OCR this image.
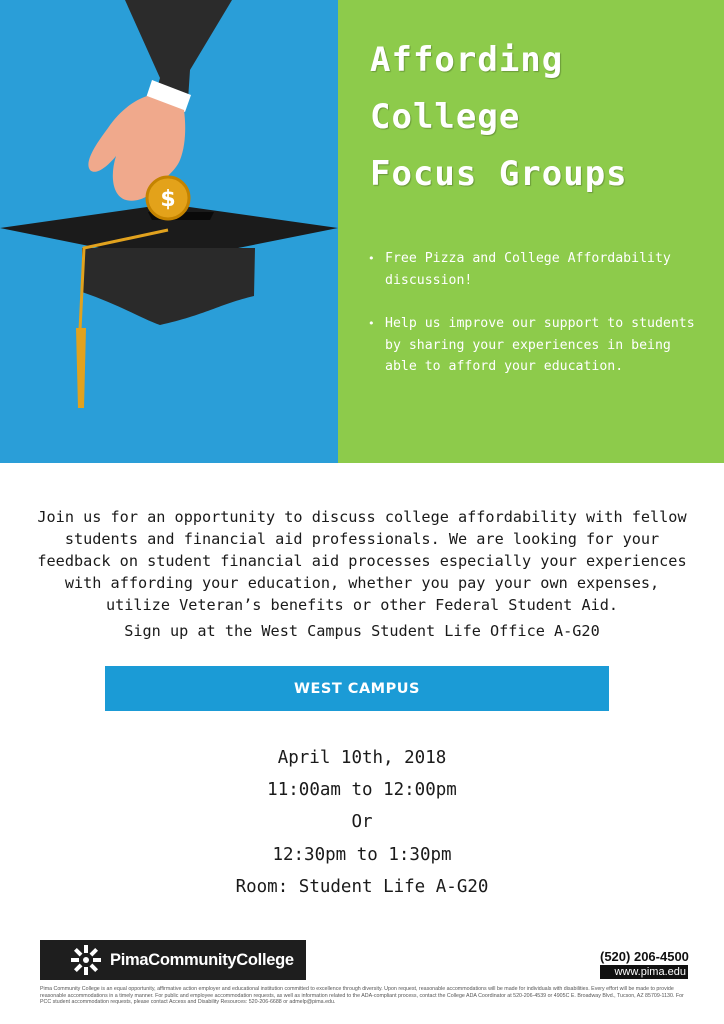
$
Affording
College
Focus Groups
• Free Pizza and College Affordability discussion!
• Help us improve our support to students by sharing your experiences in being able to afford your education.

Join us for an opportunity to discuss college affordability with fellow students and financial aid professionals. We are looking for your feedback on student financial aid processes especially your experiences with affording your education, whether you pay your own expenses, utilize Veteran’s benefits or other Federal Student Aid.

Sign up at the West Campus Student Life Office A-G20

WEST CAMPUS
April 10th, 2018
11:00am to 12:00pm
Or
12:30pm to 1:30pm
Room: Student Life A-G20
PimaCommunityCollege	(520) 206-4500
www.pima.edu

Pima Community College is an equal opportunity, affirmative action employer and educational institution committed to excellence through diversity. Upon request, reasonable accommodations will be made for individuals with disabilities. Every effort will be made to provide reasonable accommodations in a timely manner. For public and employee accommodation requests, as well as information related to the ADA-compliant process, contact the College ADA Coordinator at 520-206-4539 or 4905C E. Broadway Blvd., Tucson, AZ 85709-1130. For PCC student accommodation requests, please contact Access and Disability Resources: 520-206-6688 or admelp@pima.edu.
